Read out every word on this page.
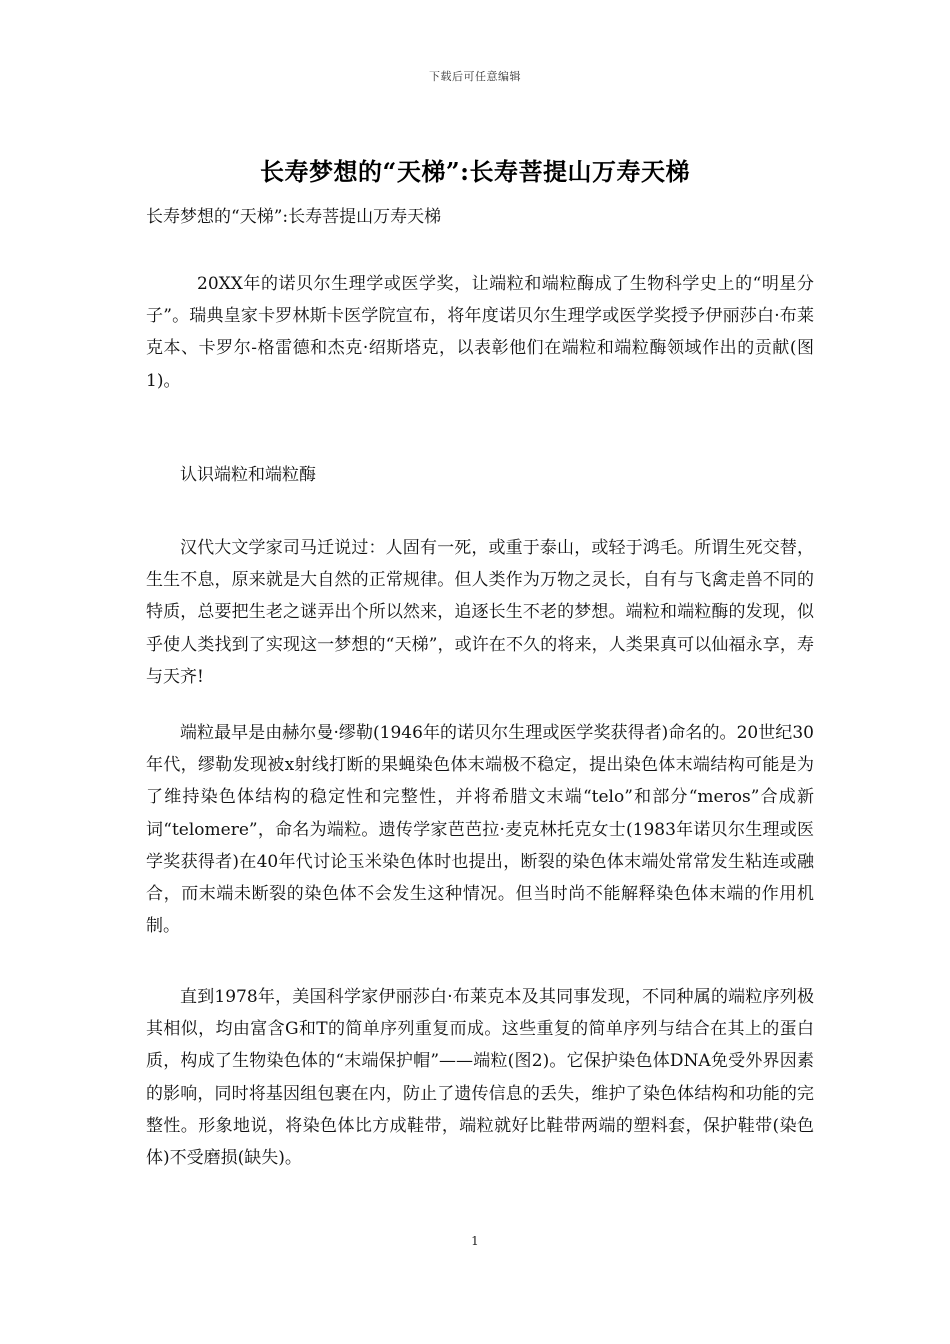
下载后可任意编辑
长寿梦想的“天梯”:长寿菩提山万寿天梯
长寿梦想的“天梯”:长寿菩提山万寿天梯

20XX年的诺贝尔生理学或医学奖，让端粒和端粒酶成了生物科学史上的“明星分子”。瑞典皇家卡罗林斯卡医学院宣布，将年度诺贝尔生理学或医学奖授予伊丽莎白·布莱克本、卡罗尔-格雷德和杰克·绍斯塔克，以表彰他们在端粒和端粒酶领域作出的贡献(图1)。

认识端粒和端粒酶

汉代大文学家司马迁说过：人固有一死，或重于泰山，或轻于鸿毛。所谓生死交替，生生不息，原来就是大自然的正常规律。但人类作为万物之灵长，自有与飞禽走兽不同的特质，总要把生老之谜弄出个所以然来，追逐长生不老的梦想。端粒和端粒酶的发现，似乎使人类找到了实现这一梦想的“天梯”，或许在不久的将来，人类果真可以仙福永享，寿与天齐!

端粒最早是由赫尔曼·缪勒(1946年的诺贝尔生理或医学奖获得者)命名的。20世纪30年代，缪勒发现被x射线打断的果蝇染色体末端极不稳定，提出染色体末端结构可能是为了维持染色体结构的稳定性和完整性，并将希腊文末端“telo”和部分“meros”合成新词“telomere”，命名为端粒。遗传学家芭芭拉·麦克林托克女士(1983年诺贝尔生理或医学奖获得者)在40年代讨论玉米染色体时也提出，断裂的染色体末端处常常发生粘连或融合，而末端未断裂的染色体不会发生这种情况。但当时尚不能解释染色体末端的作用机制。

直到1978年，美国科学家伊丽莎白·布莱克本及其同事发现，不同种属的端粒序列极其相似，均由富含G和T的简单序列重复而成。这些重复的简单序列与结合在其上的蛋白质，构成了生物染色体的“末端保护帽”——端粒(图2)。它保护染色体DNA免受外界因素的影响，同时将基因组包裹在内，防止了遗传信息的丢失，维护了染色体结构和功能的完整性。形象地说，将染色体比方成鞋带，端粒就好比鞋带两端的塑料套，保护鞋带(染色体)不受磨损(缺失)。

1
